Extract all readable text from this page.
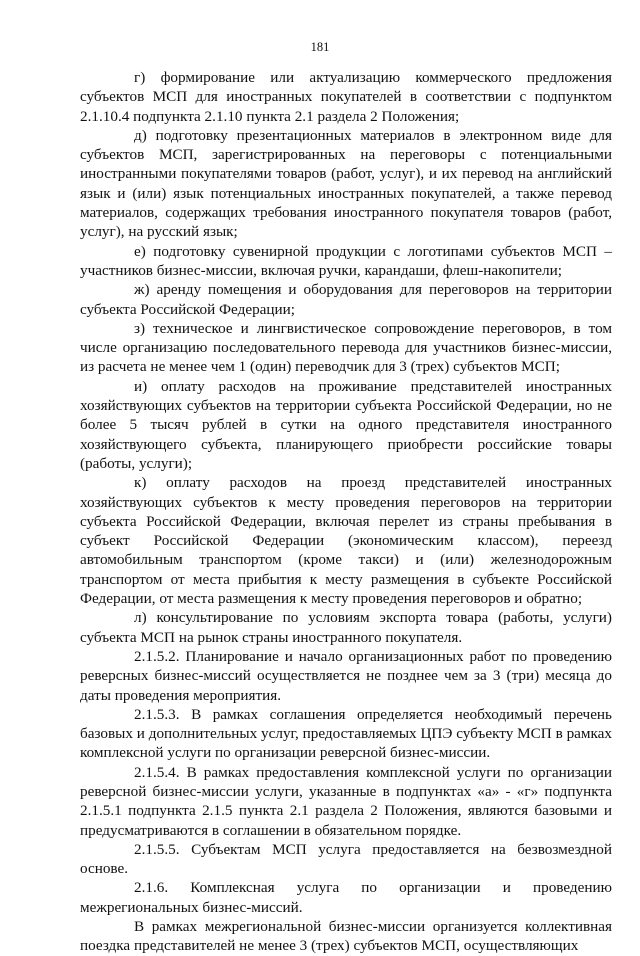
181

г) формирование или актуализацию коммерческого предложения субъектов МСП для иностранных покупателей в соответствии с подпунктом 2.1.10.4 подпункта 2.1.10 пункта 2.1 раздела 2 Положения;

д) подготовку презентационных материалов в электронном виде для субъектов МСП, зарегистрированных на переговоры с потенциальными иностранными покупателями товаров (работ, услуг), и их перевод на английский язык и (или) язык потенциальных иностранных покупателей, а также перевод материалов, содержащих требования иностранного покупателя товаров (работ, услуг), на русский язык;

е) подготовку сувенирной продукции с логотипами субъектов МСП – участников бизнес-миссии, включая ручки, карандаши, флеш-накопители;

ж) аренду помещения и оборудования для переговоров на территории субъекта Российской Федерации;

з) техническое и лингвистическое сопровождение переговоров, в том числе организацию последовательного перевода для участников бизнес-миссии, из расчета не менее чем 1 (один) переводчик для 3 (трех) субъектов МСП;

и) оплату расходов на проживание представителей иностранных хозяйствующих субъектов на территории субъекта Российской Федерации, но не более 5 тысяч рублей в сутки на одного представителя иностранного хозяйствующего субъекта, планирующего приобрести российские товары (работы, услуги);

к) оплату расходов на проезд представителей иностранных хозяйствующих субъектов к месту проведения переговоров на территории субъекта Российской Федерации, включая перелет из страны пребывания в субъект Российской Федерации (экономическим классом), переезд автомобильным транспортом (кроме такси) и (или) железнодорожным транспортом от места прибытия к месту размещения в субъекте Российской Федерации, от места размещения к месту проведения переговоров и обратно;

л) консультирование по условиям экспорта товара (работы, услуги) субъекта МСП на рынок страны иностранного покупателя.

2.1.5.2. Планирование и начало организационных работ по проведению реверсных бизнес-миссий осуществляется не позднее чем за 3 (три) месяца до даты проведения мероприятия.

2.1.5.3. В рамках соглашения определяется необходимый перечень базовых и дополнительных услуг, предоставляемых ЦПЭ субъекту МСП в рамках комплексной услуги по организации реверсной бизнес-миссии.

2.1.5.4. В рамках предоставления комплексной услуги по организации реверсной бизнес-миссии услуги, указанные в подпунктах «а» - «г» подпункта 2.1.5.1 подпункта 2.1.5 пункта 2.1 раздела 2 Положения, являются базовыми и предусматриваются в соглашении в обязательном порядке.

2.1.5.5. Субъектам МСП услуга предоставляется на безвозмездной основе.

2.1.6. Комплексная услуга по организации и проведению межрегиональных бизнес-миссий.

В рамках межрегиональной бизнес-миссии организуется коллективная поездка представителей не менее 3 (трех) субъектов МСП, осуществляющих
